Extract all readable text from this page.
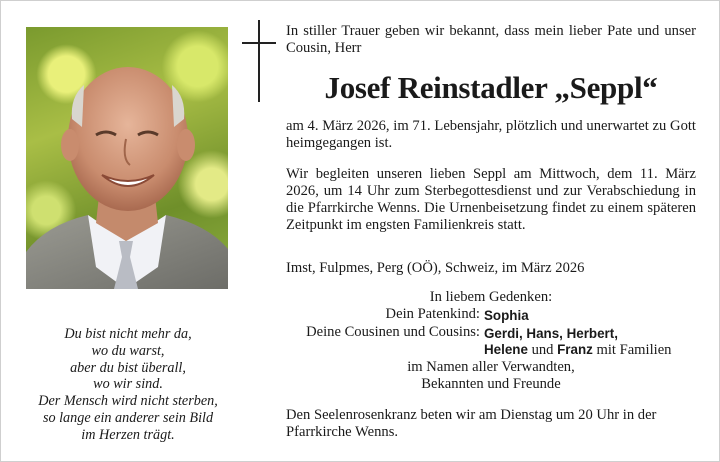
Du bist nicht mehr da,
wo du warst,
aber du bist überall,
wo wir sind.
Der Mensch wird nicht sterben,
so lange ein anderer sein Bild
im Herzen trägt.
In stiller Trauer geben wir bekannt, dass mein lieber Pate und unser Cousin, Herr
Josef Reinstadler „Seppl“
am 4. März 2026, im 71. Lebensjahr, plötzlich und unerwartet zu Gott heimgegangen ist.
Wir begleiten unseren lieben Seppl am Mittwoch, dem 11. März 2026, um 14 Uhr zum Sterbegottesdienst und zur Verabschiedung in die Pfarrkirche Wenns. Die Urnenbeisetzung findet zu einem späteren Zeitpunkt im engsten Familienkreis statt.
Imst, Fulpmes, Perg (OÖ), Schweiz, im März 2026
In liebem Gedenken:
Dein Patenkind: Sophia
Deine Cousinen und Cousins: Gerdi, Hans, Herbert,
Helene und Franz mit Familien
im Namen aller Verwandten,
Bekannten und Freunde
Den Seelenrosenkranz beten wir am Dienstag um 20 Uhr in der Pfarrkirche Wenns.
